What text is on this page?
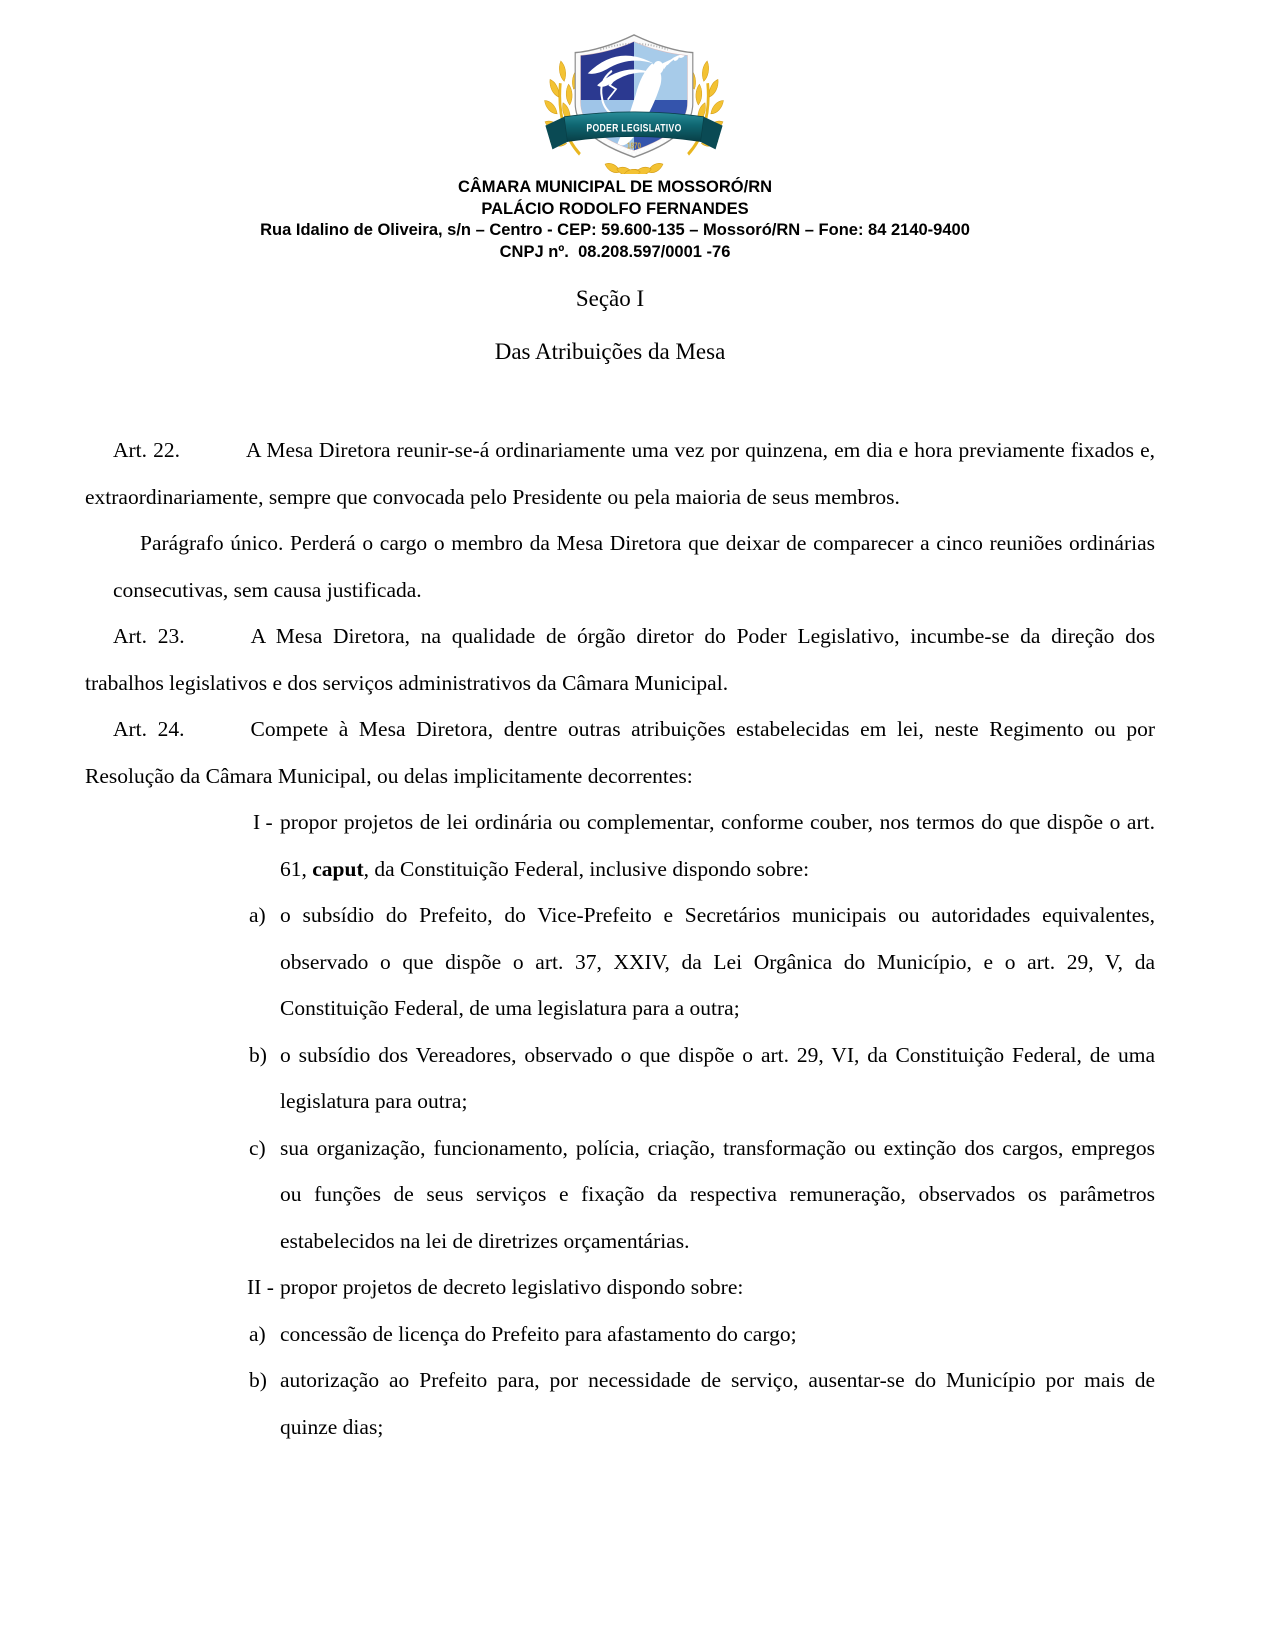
1870
PODER LEGISLATIVO

CÂMARA MUNICIPAL DE MOSSORÓ/RN

PALÁCIO RODOLFO FERNANDES

Rua Idalino de Oliveira, s/n – Centro - CEP: 59.600-135 – Mossoró/RN – Fone: 84 2140-9400

CNPJ nº.  08.208.597/0001 -76

Seção I
Das Atribuições da Mesa

Art. 22.	A Mesa Diretora reunir-se-á ordinariamente uma vez por quinzena, em dia e hora previamente fixados e, extraordinariamente, sempre que convocada pelo Presidente ou pela maioria de seus membros.

Parágrafo único. Perderá o cargo o membro da Mesa Diretora que deixar de comparecer a cinco reuniões ordinárias consecutivas, sem causa justificada.

Art. 23.	A Mesa Diretora, na qualidade de órgão diretor do Poder Legislativo, incumbe-se da direção dos trabalhos legislativos e dos serviços administrativos da Câmara Municipal.

Art. 24.	Compete à Mesa Diretora, dentre outras atribuições estabelecidas em lei, neste Regimento ou por Resolução da Câmara Municipal, ou delas implicitamente decorrentes:

I - propor projetos de lei ordinária ou complementar, conforme couber, nos termos do que dispõe o art. 61, caput, da Constituição Federal, inclusive dispondo sobre:

a) o subsídio do Prefeito, do Vice-Prefeito e Secretários municipais ou autoridades equivalentes, observado o que dispõe o art. 37, XXIV, da Lei Orgânica do Município, e o art. 29, V, da Constituição Federal, de uma legislatura para a outra;

b) o subsídio dos Vereadores, observado o que dispõe o art. 29, VI, da Constituição Federal, de uma legislatura para outra;

c) sua organização, funcionamento, polícia, criação, transformação ou extinção dos cargos, empregos ou funções de seus serviços e fixação da respectiva remuneração, observados os parâmetros estabelecidos na lei de diretrizes orçamentárias.

II - propor projetos de decreto legislativo dispondo sobre:

a) concessão de licença do Prefeito para afastamento do cargo;

b) autorização ao Prefeito para, por necessidade de serviço, ausentar-se do Município por mais de quinze dias;
